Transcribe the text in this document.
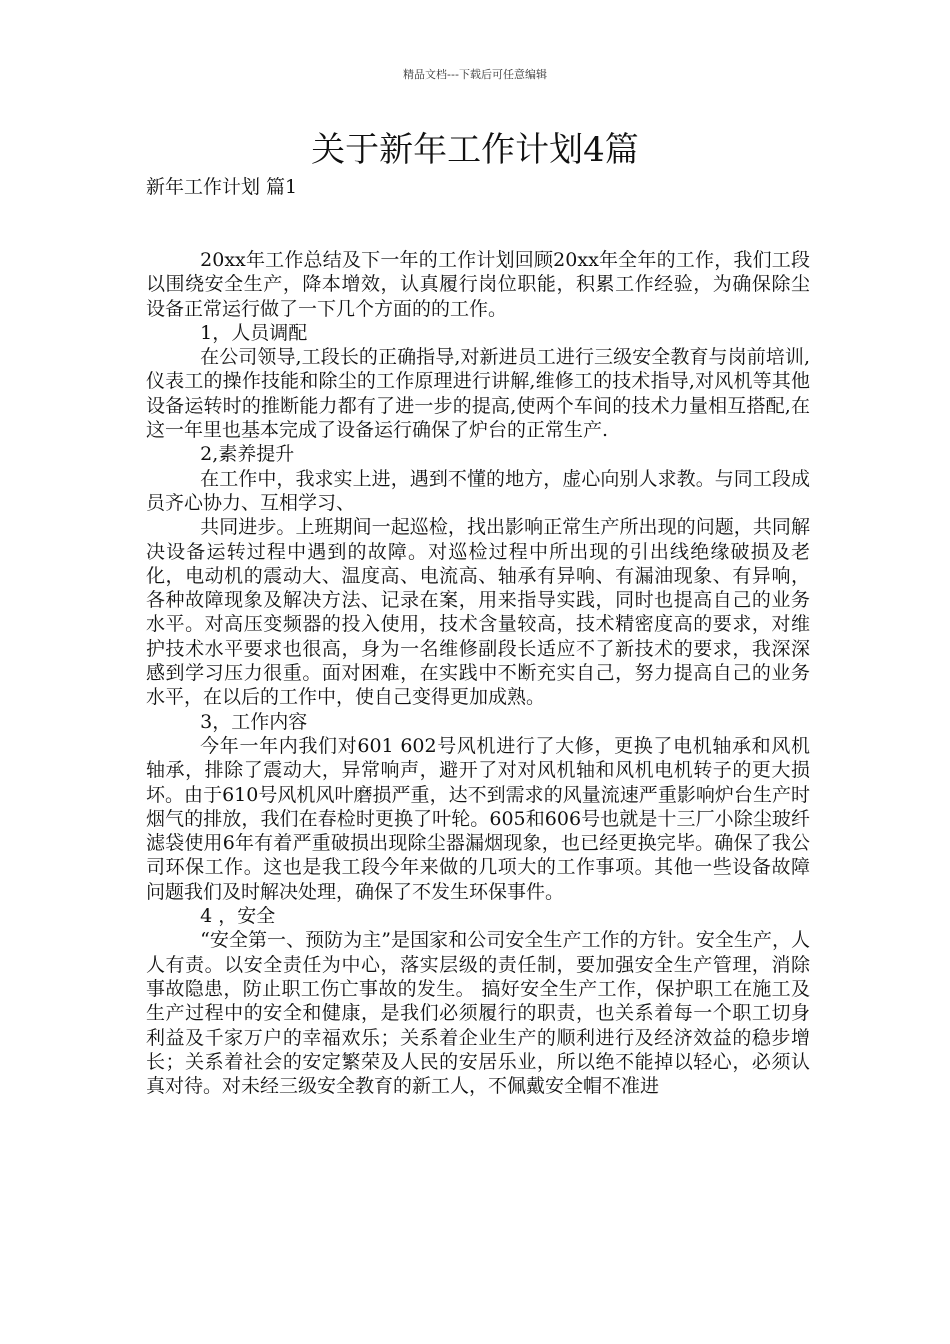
精品文档---下载后可任意编辑
关于新年工作计划4篇
新年工作计划 篇1

20xx年工作总结及下一年的工作计划回顾20xx年全年的工作，我们工段以围绕安全生产，降本增效，认真履行岗位职能，积累工作经验，为确保除尘设备正常运行做了一下几个方面的的工作。

1，人员调配

在公司领导,工段长的正确指导,对新进员工进行三级安全教育与岗前培训,仪表工的操作技能和除尘的工作原理进行讲解,维修工的技术指导,对风机等其他设备运转时的推断能力都有了进一步的提高,使两个车间的技术力量相互搭配,在这一年里也基本完成了设备运行确保了炉台的正常生产.

2,素养提升

在工作中，我求实上进，遇到不懂的地方，虚心向别人求教。与同工段成员齐心协力、互相学习、

共同进步。上班期间一起巡检，找出影响正常生产所出现的问题，共同解决设备运转过程中遇到的故障。对巡检过程中所出现的引出线绝缘破损及老化，电动机的震动大、温度高、电流高、轴承有异响、有漏油现象、有异响，各种故障现象及解决方法、记录在案，用来指导实践，同时也提高自己的业务水平。对高压变频器的投入使用，技术含量较高，技术精密度高的要求，对维护技术水平要求也很高，身为一名维修副段长适应不了新技术的要求，我深深感到学习压力很重。面对困难，在实践中不断充实自己，努力提高自己的业务水平，在以后的工作中，使自己变得更加成熟。

3，工作内容

今年一年内我们对601 602号风机进行了大修，更换了电机轴承和风机轴承，排除了震动大，异常响声，避开了对对风机轴和风机电机转子的更大损坏。由于610号风机风叶磨损严重，达不到需求的风量流速严重影响炉台生产时烟气的排放，我们在春检时更换了叶轮。605和606号也就是十三厂小除尘玻纤滤袋使用6年有着严重破损出现除尘器漏烟现象，也已经更换完毕。确保了我公司环保工作。这也是我工段今年来做的几项大的工作事项。其他一些设备故障问题我们及时解决处理，确保了不发生环保事件。

4 ，安全

“安全第一、预防为主”是国家和公司安全生产工作的方针。安全生产，人人有责。以安全责任为中心，落实层级的责任制，要加强安全生产管理，消除事故隐患，防止职工伤亡事故的发生。 搞好安全生产工作，保护职工在施工及生产过程中的安全和健康，是我们必须履行的职责，也关系着每一个职工切身利益及千家万户的幸福欢乐；关系着企业生产的顺利进行及经济效益的稳步增长；关系着社会的安定繁荣及人民的安居乐业，所以绝不能掉以轻心，必须认真对待。对未经三级安全教育的新工人，不佩戴安全帽不准进
